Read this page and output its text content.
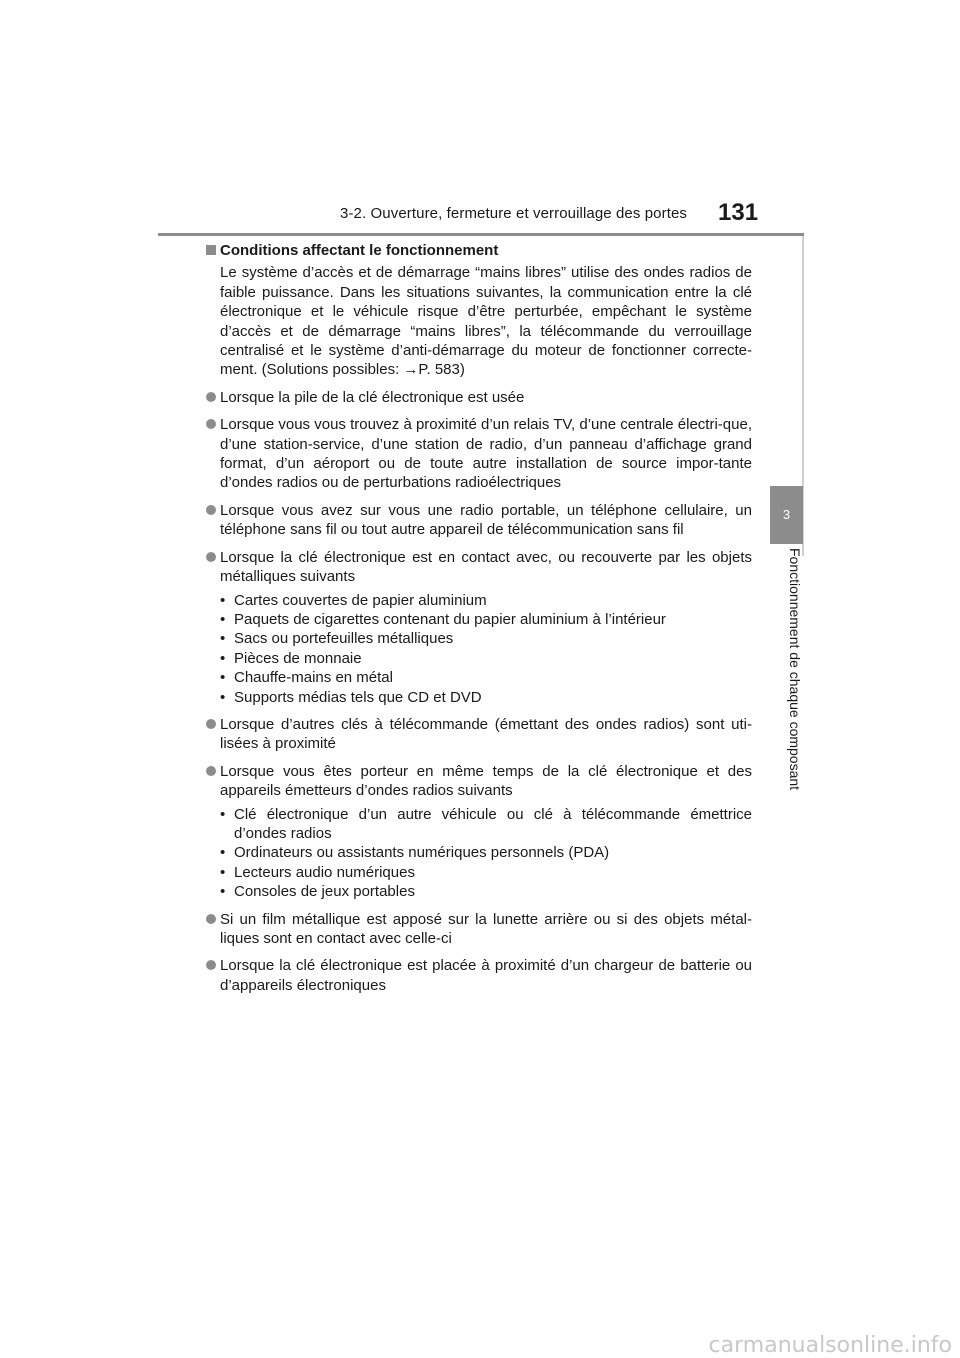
3-2. Ouverture, fermeture et verrouillage des portes 131
3
Fonctionnement de chaque composant
Conditions affectant le fonctionnement

Le système d’accès et de démarrage “mains libres” utilise des ondes radios de faible puissance. Dans les situations suivantes, la communication entre la clé électronique et le véhicule risque d’être perturbée, empêchant le système d’accès et de démarrage “mains libres”, la télécommande du verrouillage centralisé et le système d’anti-démarrage du moteur de fonctionner correcte-ment. (Solutions possibles: →P. 583)

Lorsque la pile de la clé électronique est usée
Lorsque vous vous trouvez à proximité d’un relais TV, d’une centrale électri-que, d’une station-service, d’une station de radio, d’un panneau d’affichage grand format, d’un aéroport ou de toute autre installation de source impor-tante d’ondes radios ou de perturbations radioélectriques
Lorsque vous avez sur vous une radio portable, un téléphone cellulaire, un téléphone sans fil ou tout autre appareil de télécommunication sans fil
Lorsque la clé électronique est en contact avec, ou recouverte par les objets métalliques suivants
• Cartes couvertes de papier aluminium
• Paquets de cigarettes contenant du papier aluminium à l’intérieur
• Sacs ou portefeuilles métalliques
• Pièces de monnaie
• Chauffe-mains en métal
• Supports médias tels que CD et DVD
Lorsque d’autres clés à télécommande (émettant des ondes radios) sont uti-lisées à proximité
Lorsque vous êtes porteur en même temps de la clé électronique et des appareils émetteurs d’ondes radios suivants
• Clé électronique d’un autre véhicule ou clé à télécommande émettrice d’ondes radios
• Ordinateurs ou assistants numériques personnels (PDA)
• Lecteurs audio numériques
• Consoles de jeux portables
Si un film métallique est apposé sur la lunette arrière ou si des objets métal-liques sont en contact avec celle-ci
Lorsque la clé électronique est placée à proximité d’un chargeur de batterie ou d’appareils électroniques
carmanualsonline.info
